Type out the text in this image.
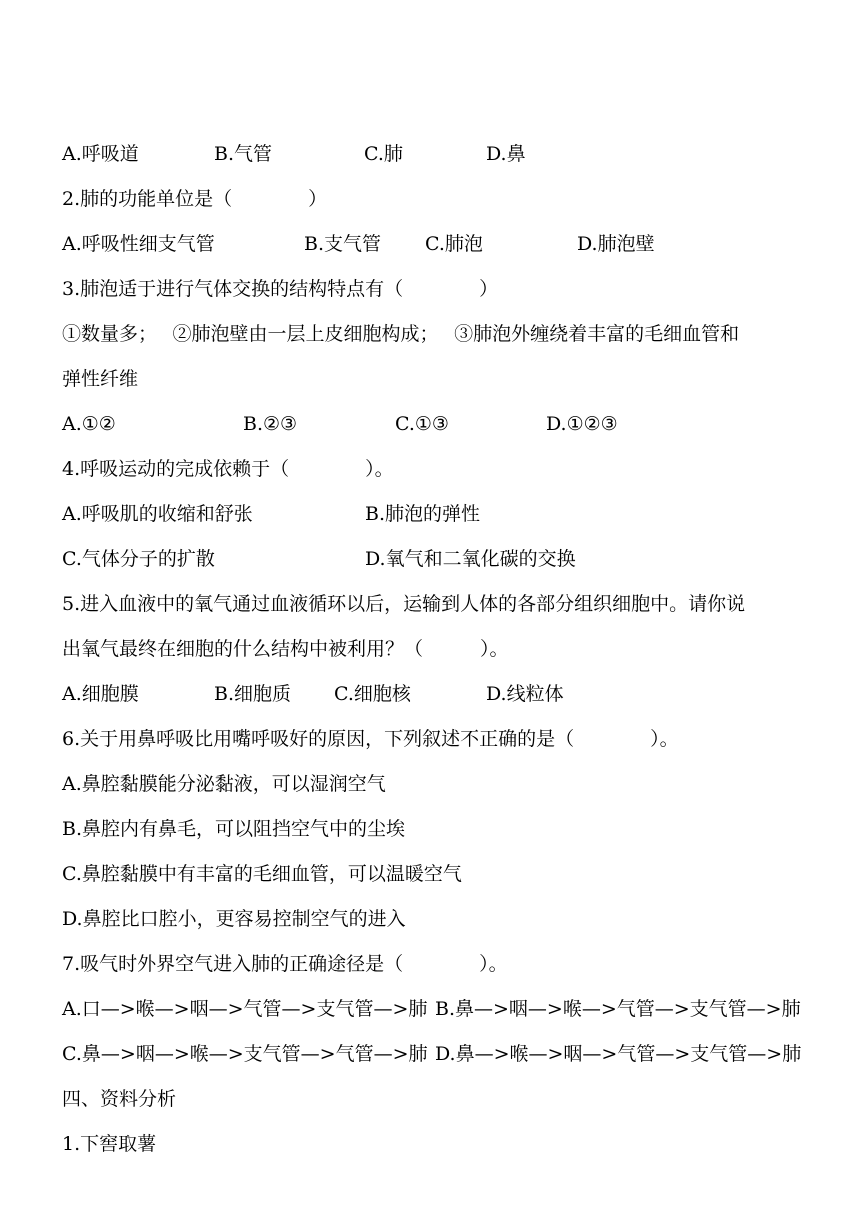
A.呼吸道	B.气管	C.肺	D.鼻
2.肺的功能单位是（　　　　）
A.呼吸性细支气管	B.支气管 C.肺泡	D.肺泡壁
3.肺泡适于进行气体交换的结构特点有（　　　　）
①数量多；　 ②肺泡壁由一层上皮细胞构成；　 ③肺泡外缠绕着丰富的毛细血管和
弹性纤维
A.①②	B.②③	C.①③	D.①②③
4.呼吸运动的完成依赖于（　　　　）。
A.呼吸肌的收缩和舒张	B.肺泡的弹性
C.气体分子的扩散	D.氧气和二氧化碳的交换
5.进入血液中的氧气通过血液循环以后，运输到人体的各部分组织细胞中。请你说
出氧气最终在细胞的什么结构中被利用？（　　　）。
A.细胞膜	B.细胞质 C.细胞核	D.线粒体
6.关于用鼻呼吸比用嘴呼吸好的原因，下列叙述不正确的是（　　　　）。
A.鼻腔黏膜能分泌黏液，可以湿润空气
B.鼻腔内有鼻毛，可以阻挡空气中的尘埃
C.鼻腔黏膜中有丰富的毛细血管，可以温暖空气
D.鼻腔比口腔小，更容易控制空气的进入
7.吸气时外界空气进入肺的正确途径是（　　　　）。
A.口—>喉—>咽—>气管—>支气管—>肺 B.鼻—>咽—>喉—>气管—>支气管—>肺
C.鼻—>咽—>喉—>支气管—>气管—>肺 D.鼻—>喉—>咽—>气管—>支气管—>肺
四、资料分析
1.下窖取薯
